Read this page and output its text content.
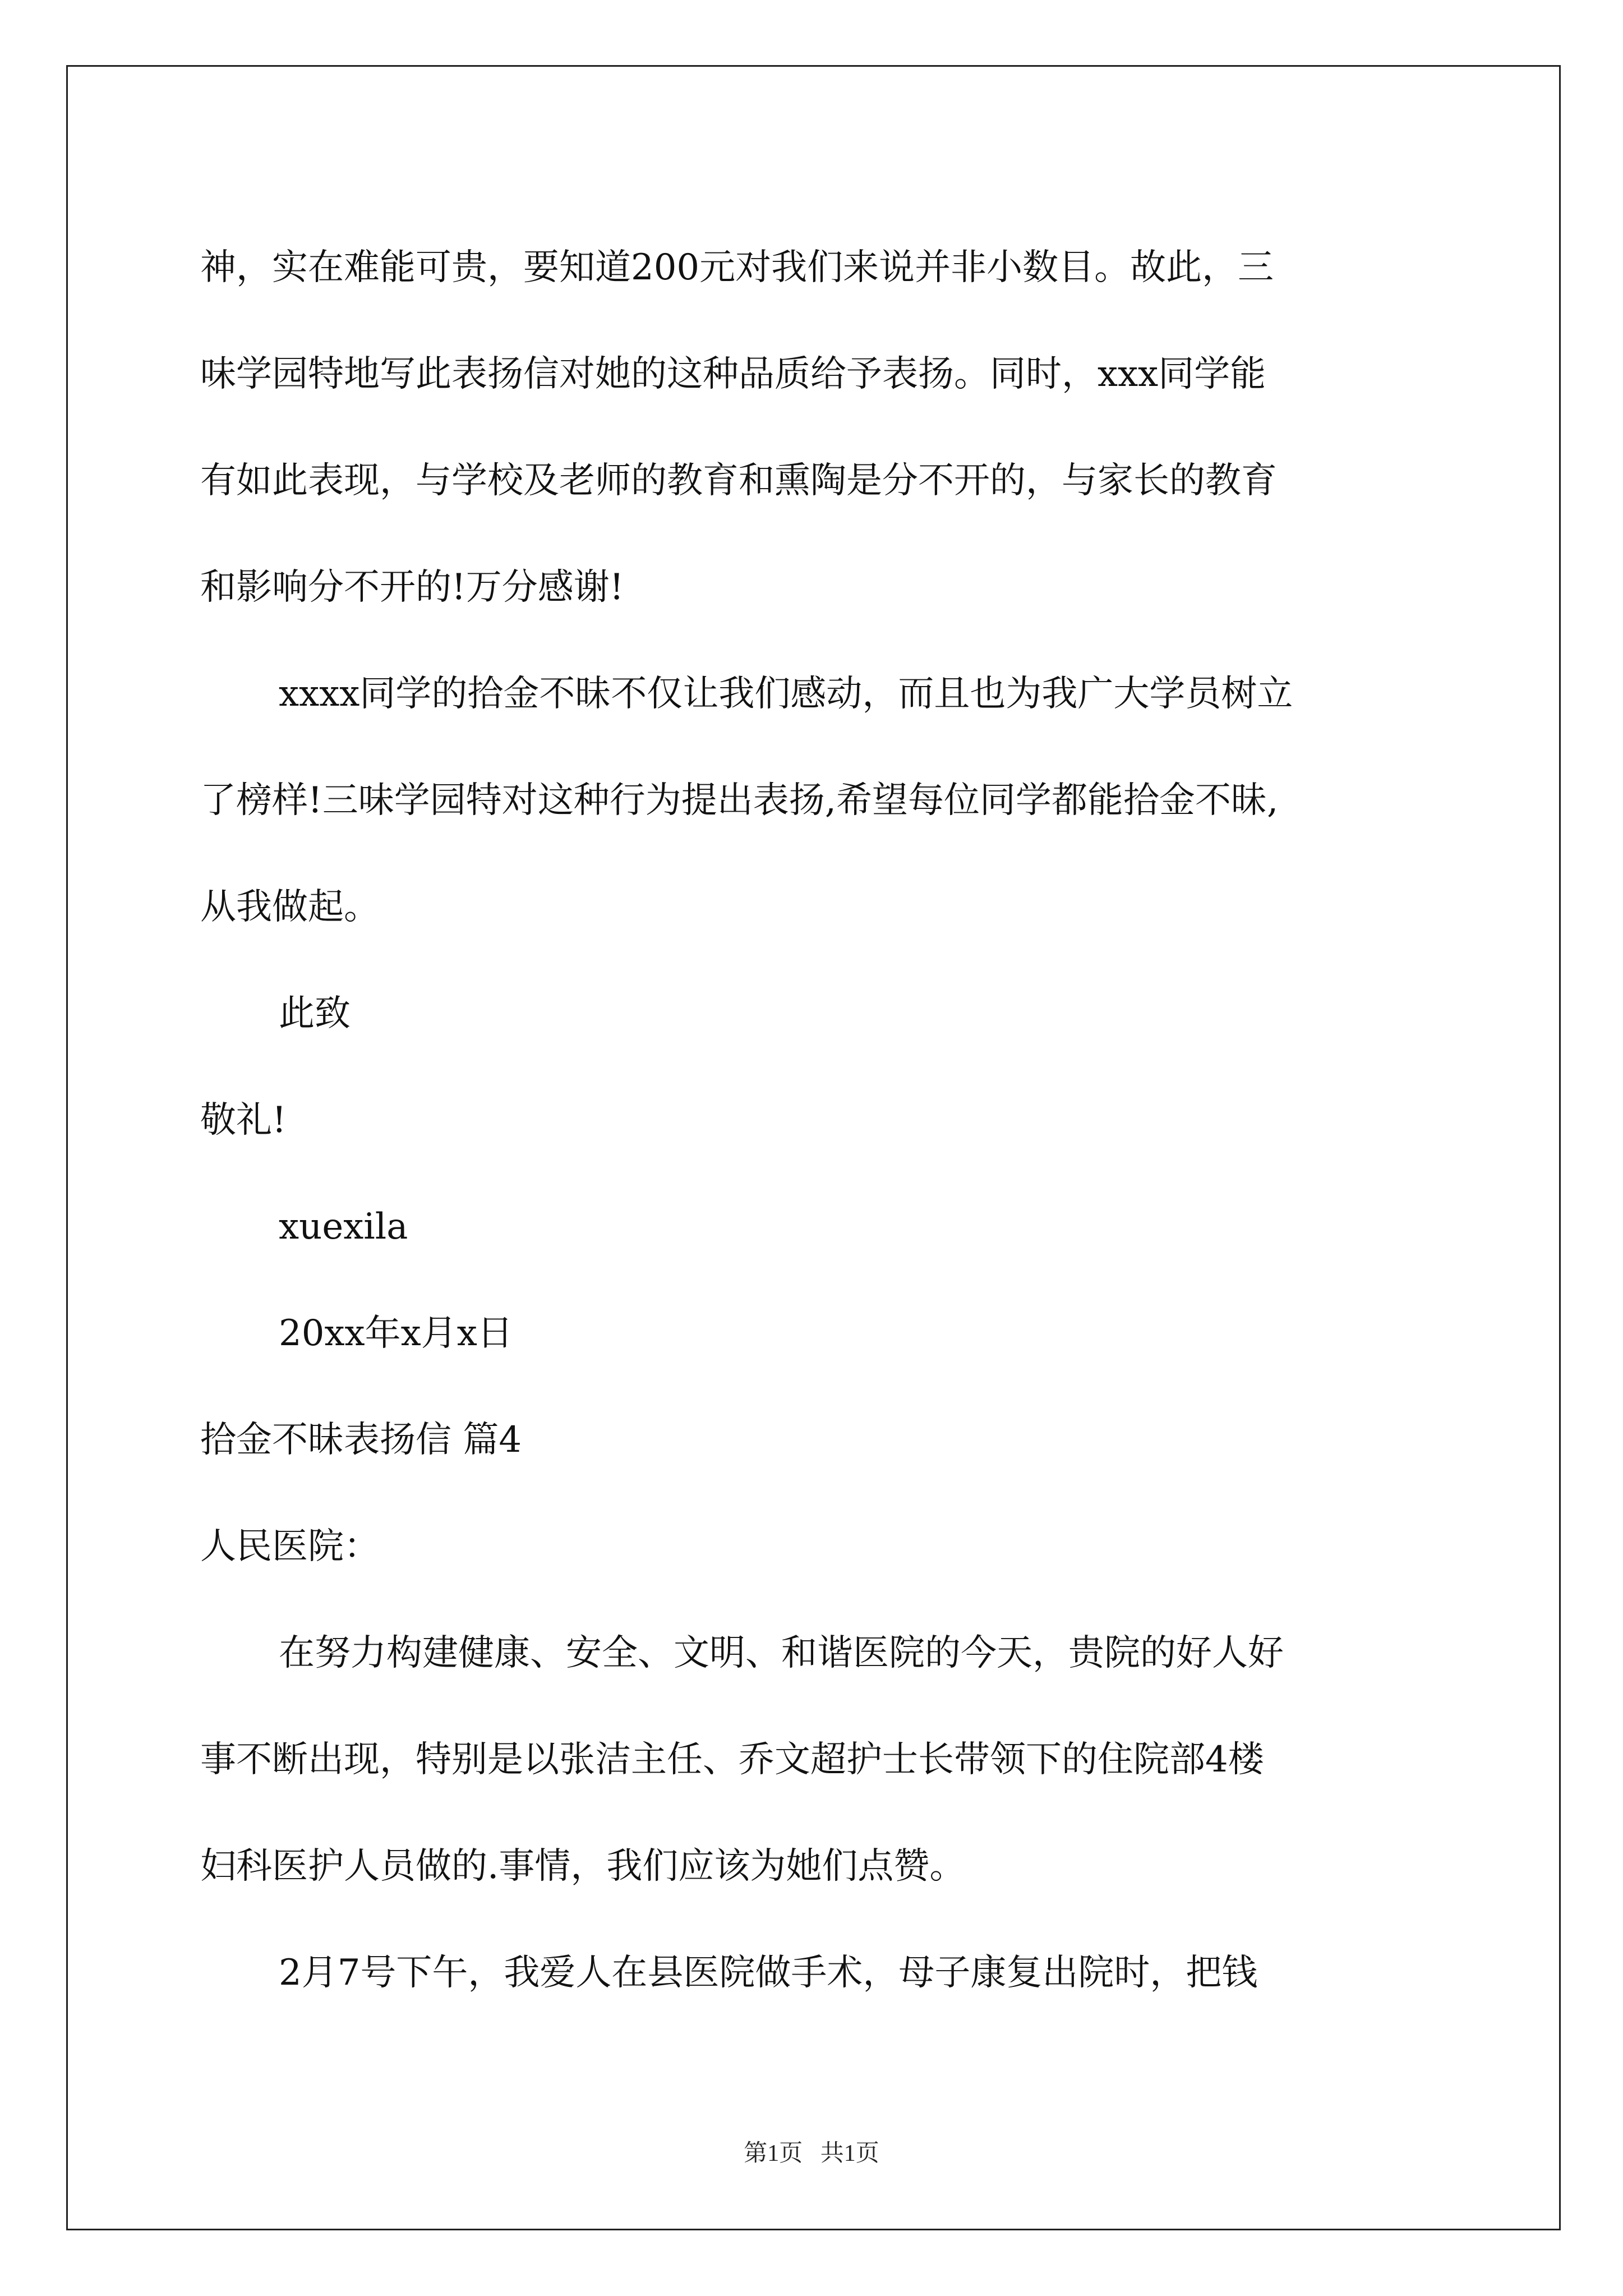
神，实在难能可贵，要知道200元对我们来说并非小数目。故此，三

味学园特地写此表扬信对她的这种品质给予表扬。同时，xxx同学能

有如此表现，与学校及老师的教育和熏陶是分不开的，与家长的教育

和影响分不开的!万分感谢!

xxxx同学的拾金不昧不仅让我们感动，而且也为我广大学员树立

了榜样!三味学园特对这种行为提出表扬,希望每位同学都能拾金不昧,

从我做起。

此致

敬礼!

xuexila

20xx年x月x日

拾金不昧表扬信 篇4

人民医院：

在努力构建健康、安全、文明、和谐医院的今天，贵院的好人好

事不断出现，特别是以张洁主任、乔文超护士长带领下的住院部4楼

妇科医护人员做的.事情，我们应该为她们点赞。

2月7号下午，我爱人在县医院做手术，母子康复出院时，把钱

第1页   共1页
